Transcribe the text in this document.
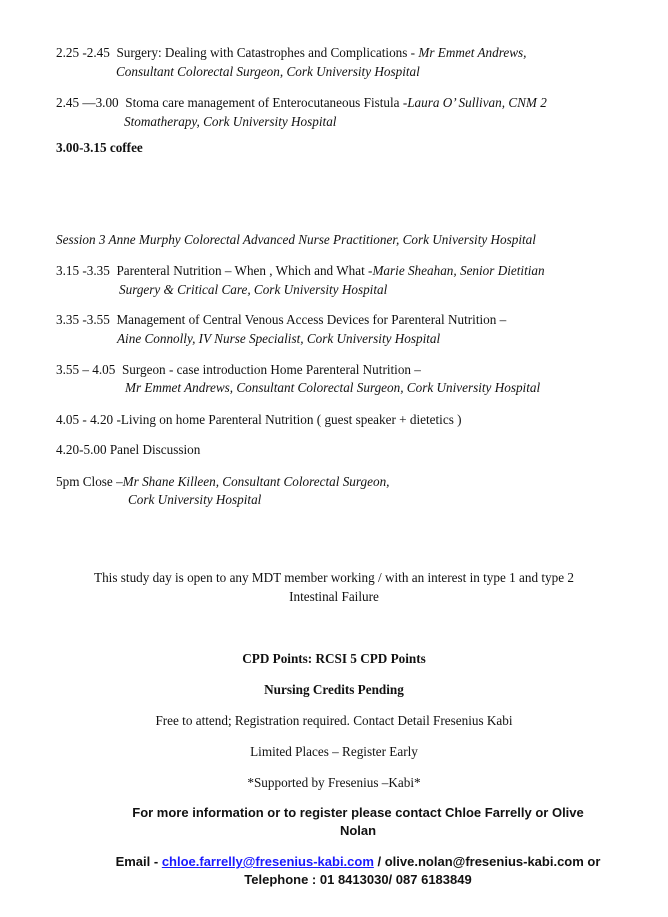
2.25 -2.45 Surgery: Dealing with Catastrophes and Complications - Mr Emmet Andrews,
Consultant Colorectal Surgeon, Cork University Hospital
2.45 —3.00 Stoma care management of Enterocutaneous Fistula -Laura O’ Sullivan, CNM 2
Stomatherapy, Cork University Hospital
3.00-3.15 coffee
Session 3 Anne Murphy Colorectal Advanced Nurse Practitioner, Cork University Hospital
3.15 -3.35 Parenteral Nutrition – When , Which and What -Marie Sheahan, Senior Dietitian
Surgery & Critical Care, Cork University Hospital
3.35 -3.55 Management of Central Venous Access Devices for Parenteral Nutrition –
Aine Connolly, IV Nurse Specialist, Cork University Hospital
3.55 – 4.05 Surgeon - case introduction Home Parenteral Nutrition –
Mr Emmet Andrews, Consultant Colorectal Surgeon, Cork University Hospital
4.05 - 4.20 -Living on home Parenteral Nutrition ( guest speaker + dietetics )
4.20-5.00 Panel Discussion
5pm Close –Mr Shane Killeen, Consultant Colorectal Surgeon,
Cork University Hospital
This study day is open to any MDT member working / with an interest in type 1 and type 2
Intestinal Failure
CPD Points: RCSI 5 CPD Points
Nursing Credits Pending
Free to attend; Registration required. Contact Detail Fresenius Kabi
Limited Places – Register Early
*Supported by Fresenius –Kabi*
For more information or to register please contact Chloe Farrelly or Olive
Nolan
Email - chloe.farrelly@fresenius-kabi.com / olive.nolan@fresenius-kabi.com or
Telephone : 01 8413030/ 087 6183849
